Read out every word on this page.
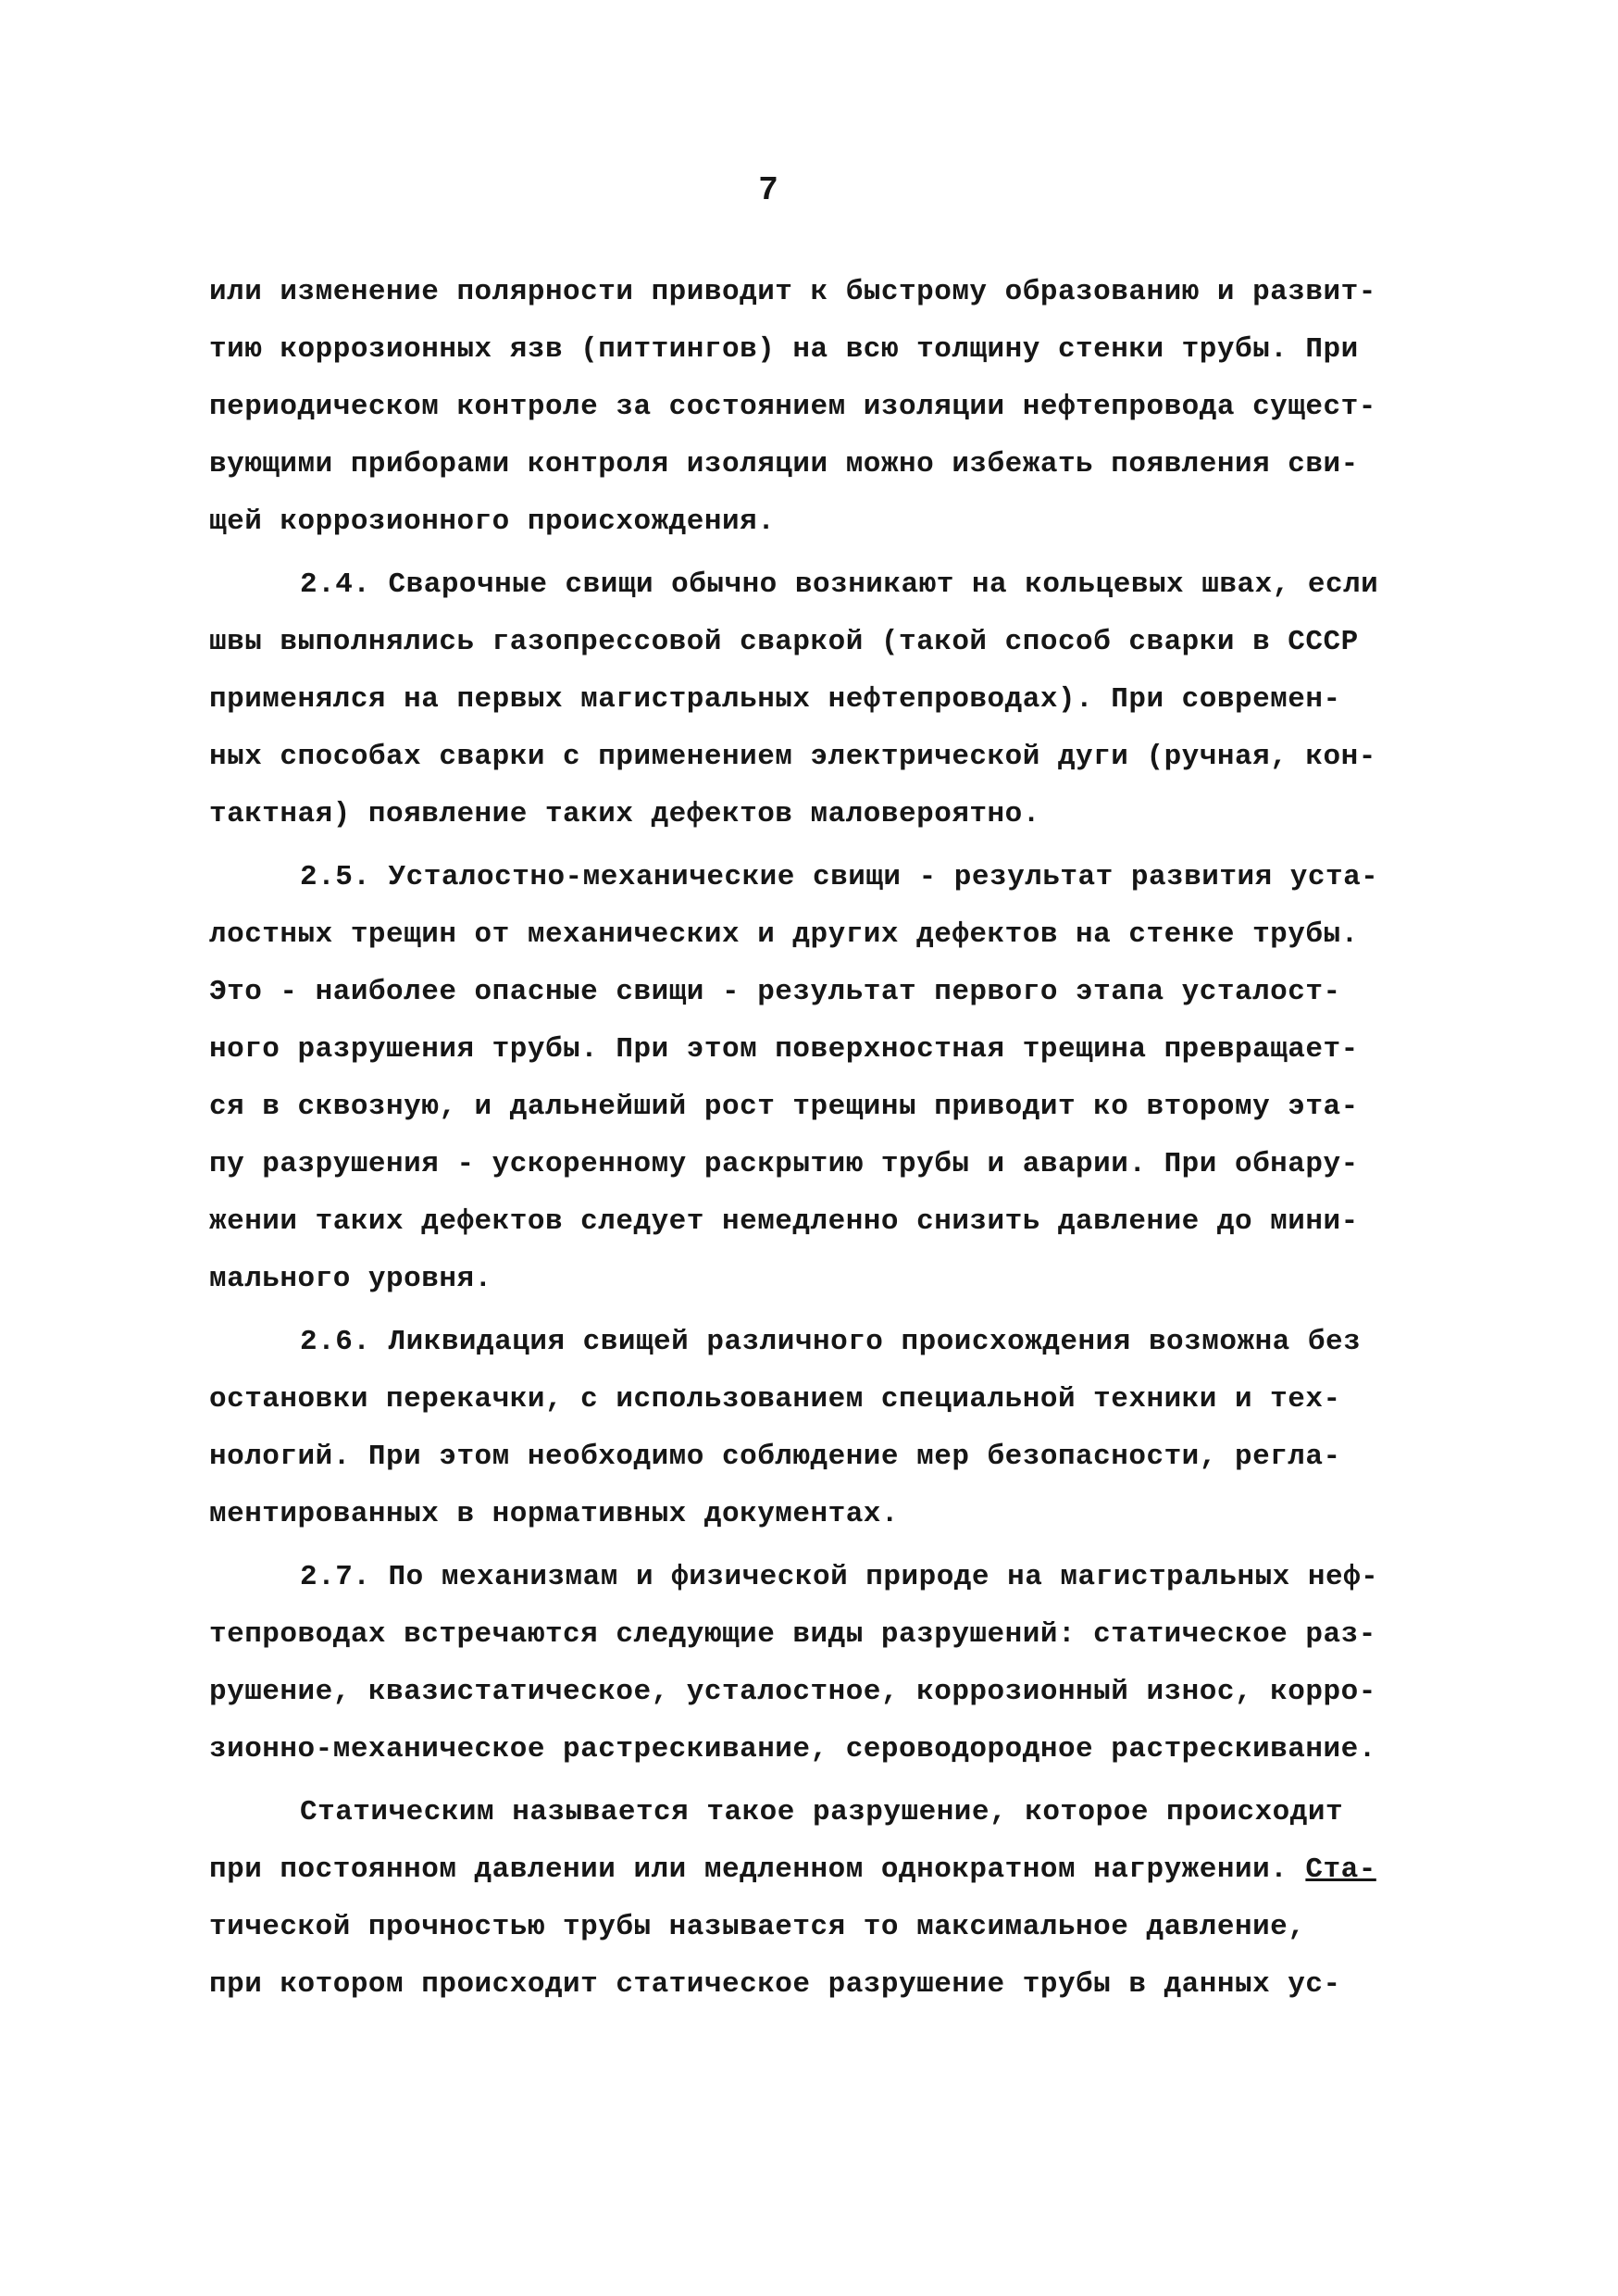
7
или изменение полярности приводит к быстрому образованию и развит-
тию коррозионных язв (питтингов) на всю толщину стенки трубы. При
периодическом контроле за состоянием изоляции нефтепровода сущест-
вующими приборами контроля изоляции можно избежать появления сви-
щей коррозионного происхождения.
2.4. Сварочные свищи обычно возникают на кольцевых швах, если
швы выполнялись газопрессовой сваркой (такой способ сварки в СССР
применялся на первых магистральных нефтепроводах). При современ-
ных способах сварки с применением электрической дуги (ручная, кон-
тактная) появление таких дефектов маловероятно.
2.5. Усталостно-механические свищи - результат развития уста-
лостных трещин от механических и других дефектов на стенке трубы.
Это - наиболее опасные свищи - результат первого этапа усталост-
ного разрушения трубы. При этом поверхностная трещина превращает-
ся в сквозную, и дальнейший рост трещины приводит ко второму эта-
пу разрушения - ускоренному раскрытию трубы и аварии. При обнару-
жении таких дефектов следует немедленно снизить давление до мини-
мального уровня.
2.6. Ликвидация свищей различного происхождения возможна без
остановки перекачки, с использованием специальной техники и тех-
нологий. При этом необходимо соблюдение мер безопасности, регла-
ментированных в нормативных документах.
2.7. По механизмам и физической природе на магистральных неф-
тепроводах встречаются следующие виды разрушений: статическое раз-
рушение, квазистатическое, усталостное, коррозионный износ, корро-
зионно-механическое растрескивание, сероводородное растрескивание.
Статическим называется такое разрушение, которое происходит
при постоянном давлении или медленном однократном нагружении. Ста-
тической прочностью трубы называется то максимальное давление,
при котором происходит статическое разрушение трубы в данных ус-
